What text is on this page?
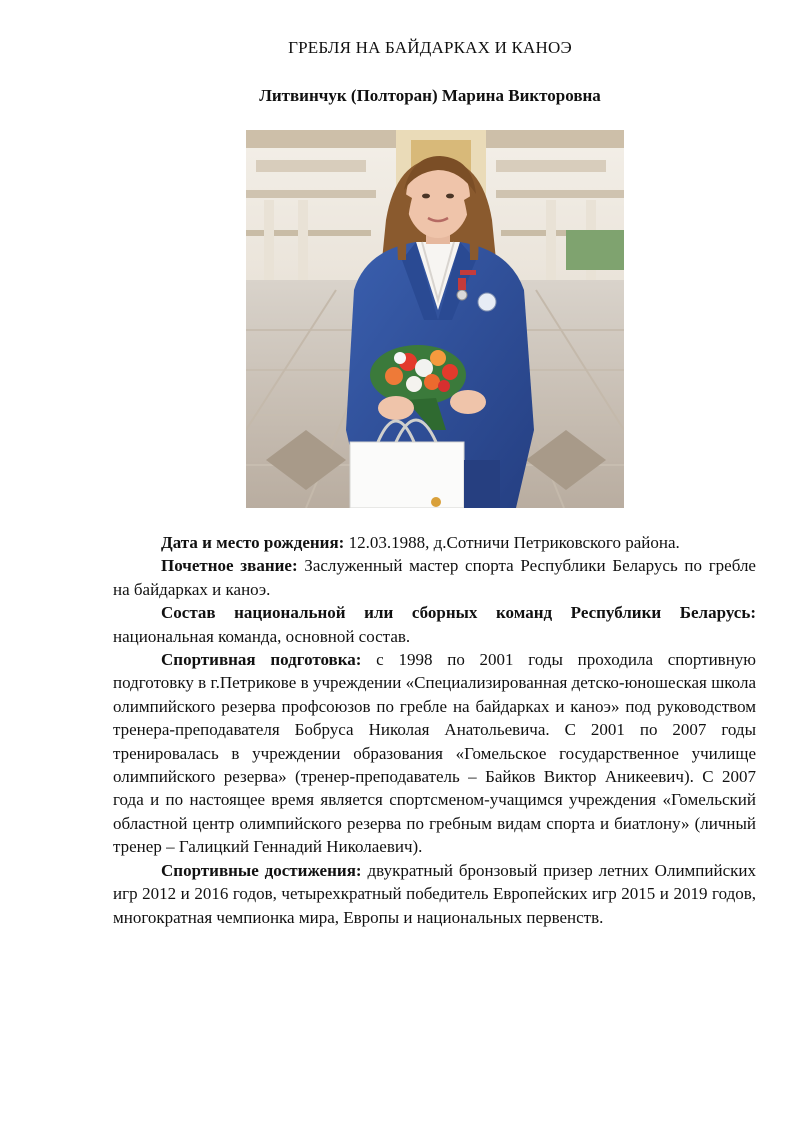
ГРЕБЛЯ НА БАЙДАРКАХ И КАНОЭ
Литвинчук (Полторан) Марина Викторовна

Дата и место рождения: 12.03.1988, д.Сотничи Петриковского района.

Почетное звание: Заслуженный мастер спорта Республики Беларусь по гребле на байдарках и каноэ.

Состав национальной или сборных команд Республики Беларусь: национальная команда, основной состав.

Спортивная подготовка: с 1998 по 2001 годы проходила спортивную подготовку в г.Петрикове в учреждении «Специализированная детско-юношеская школа олимпийского резерва профсоюзов по гребле на байдарках и каноэ» под руководством тренера-преподавателя Бобруса Николая Анатольевича. С 2001 по 2007 годы тренировалась в учреждении образования «Гомельское государственное училище олимпийского резерва» (тренер-преподаватель – Байков Виктор Аникеевич). С 2007 года и по настоящее время является спортсменом-учащимся учреждения «Гомельский областной центр олимпийского резерва по гребным видам спорта и биатлону» (личный тренер – Галицкий Геннадий Николаевич).

Спортивные достижения: двукратный бронзовый призер летних Олимпийских игр 2012 и 2016 годов, четырехкратный победитель Европейских игр 2015 и 2019 годов, многократная чемпионка мира, Европы и национальных первенств.
